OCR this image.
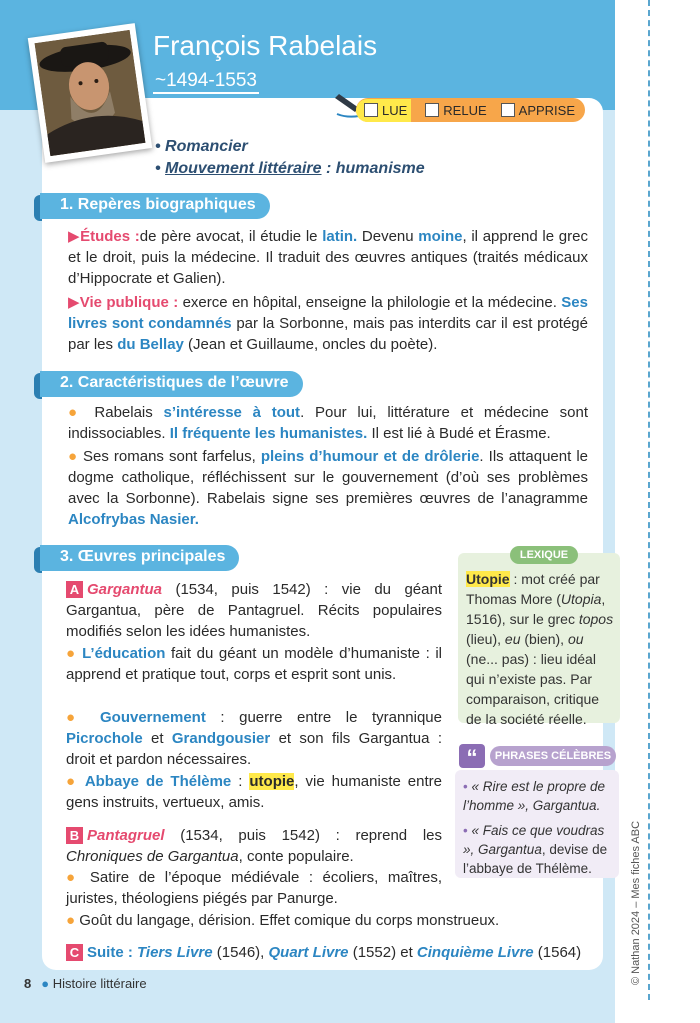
François Rabelais
~1494-1553
LUE	RELUE APPRISE
• Romancier
• Mouvement littéraire : humanisme
1. Repères biographiques
▶Études :de père avocat, il étudie le latin. Devenu moine, il apprend le grec et le droit, puis la médecine. Il traduit des œuvres antiques (traités médicaux d’Hippocrate et Galien).
▶Vie publique : exerce en hôpital, enseigne la philologie et la médecine. Ses livres sont condamnés par la Sorbonne, mais pas interdits car il est protégé par les du Bellay (Jean et Guillaume, oncles du poète).
2. Caractéristiques de l’œuvre
● Rabelais s’intéresse à tout. Pour lui, littérature et médecine sont indissociables. Il fréquente les humanistes. Il est lié à Budé et Érasme.
● Ses romans sont farfelus, pleins d’humour et de drôlerie. Ils attaquent le dogme catholique, réfléchissent sur le gouvernement (d’où ses problèmes avec la Sorbonne). Rabelais signe ses premières œuvres de l’anagramme Alcofrybas Nasier.
3. Œuvres principales
A Gargantua (1534, puis 1542) : vie du géant Gargantua, père de Pantagruel. Récits populaires modifiés selon les idées humanistes.
● L’éducation fait du géant un modèle d’humaniste : il apprend et pratique tout, corps et esprit sont unis.
● Gouvernement : guerre entre le tyrannique Picrochole et Grandgousier et son fils Gargantua : droit et pardon nécessaires.
● Abbaye de Thélème : utopie, vie humaniste entre gens instruits, vertueux, amis.
B Pantagruel (1534, puis 1542) : reprend les Chroniques de Gargantua, conte populaire.
● Satire de l’époque médiévale : écoliers, maîtres, juristes, théologiens piégés par Panurge.
● Goût du langage, dérision. Effet comique du corps monstrueux.
C Suite : Tiers Livre (1546), Quart Livre (1552) et Cinquième Livre (1564)
LEXIQUE
Utopie : mot créé par Thomas More (Utopia, 1516), sur le grec topos (lieu), eu (bien), ou (ne... pas) : lieu idéal qui n’existe pas. Par comparaison, critique de la société réelle.
“	PHRASES CÉLÈBRES

• « Rire est le propre de l’homme », Gargantua.

• « Fais ce que voudras », Gargantua, devise de l’abbaye de Thélème.

8 ● Histoire littéraire	© Nathan 2024 – Mes fiches ABC
